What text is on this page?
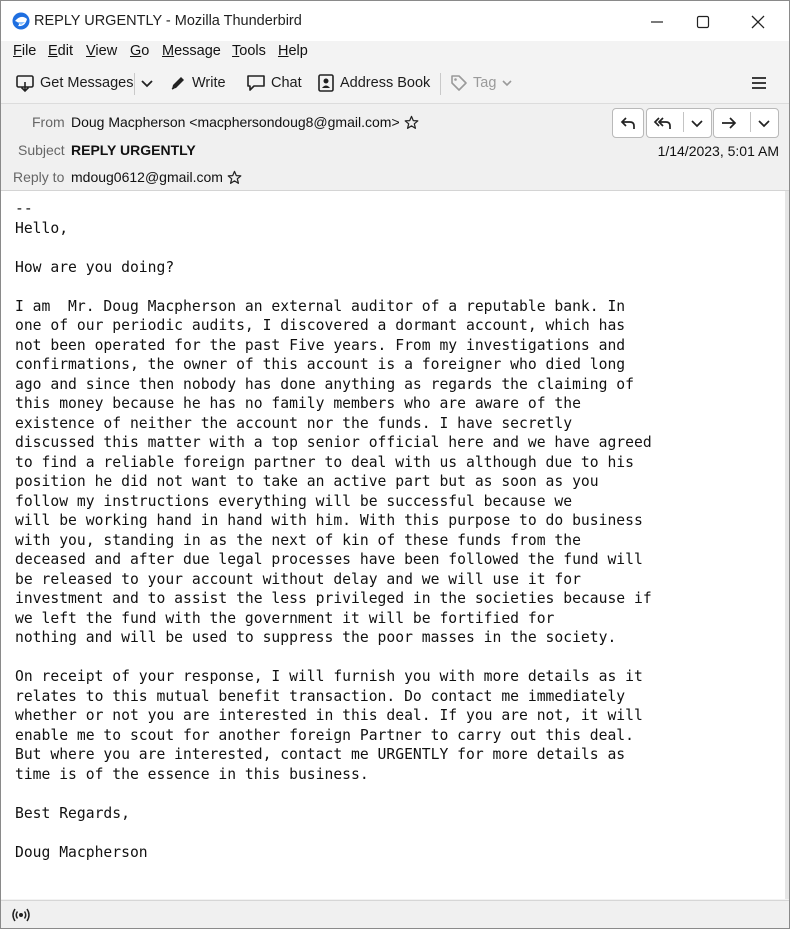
REPLY URGENTLY - Mozilla Thunderbird
File Edit View Go Message Tools Help
Get Messages	Write	Chat	Address Book	Tag
From Doug Macpherson <macphersondoug8@gmail.com>
Subject REPLY URGENTLY
Reply to mdoug0612@gmail.com
1/14/2023, 5:01 AM
--
Hello,

How are you doing?

I am  Mr. Doug Macpherson an external auditor of a reputable bank. In
one of our periodic audits, I discovered a dormant account, which has
not been operated for the past Five years. From my investigations and
confirmations, the owner of this account is a foreigner who died long
ago and since then nobody has done anything as regards the claiming of
this money because he has no family members who are aware of the
existence of neither the account nor the funds. I have secretly
discussed this matter with a top senior official here and we have agreed
to find a reliable foreign partner to deal with us although due to his
position he did not want to take an active part but as soon as you
follow my instructions everything will be successful because we
will be working hand in hand with him. With this purpose to do business
with you, standing in as the next of kin of these funds from the
deceased and after due legal processes have been followed the fund will
be released to your account without delay and we will use it for
investment and to assist the less privileged in the societies because if
we left the fund with the government it will be fortified for
nothing and will be used to suppress the poor masses in the society.

On receipt of your response, I will furnish you with more details as it
relates to this mutual benefit transaction. Do contact me immediately
whether or not you are interested in this deal. If you are not, it will
enable me to scout for another foreign Partner to carry out this deal.
But where you are interested, contact me URGENTLY for more details as
time is of the essence in this business.

Best Regards,

Doug Macpherson
